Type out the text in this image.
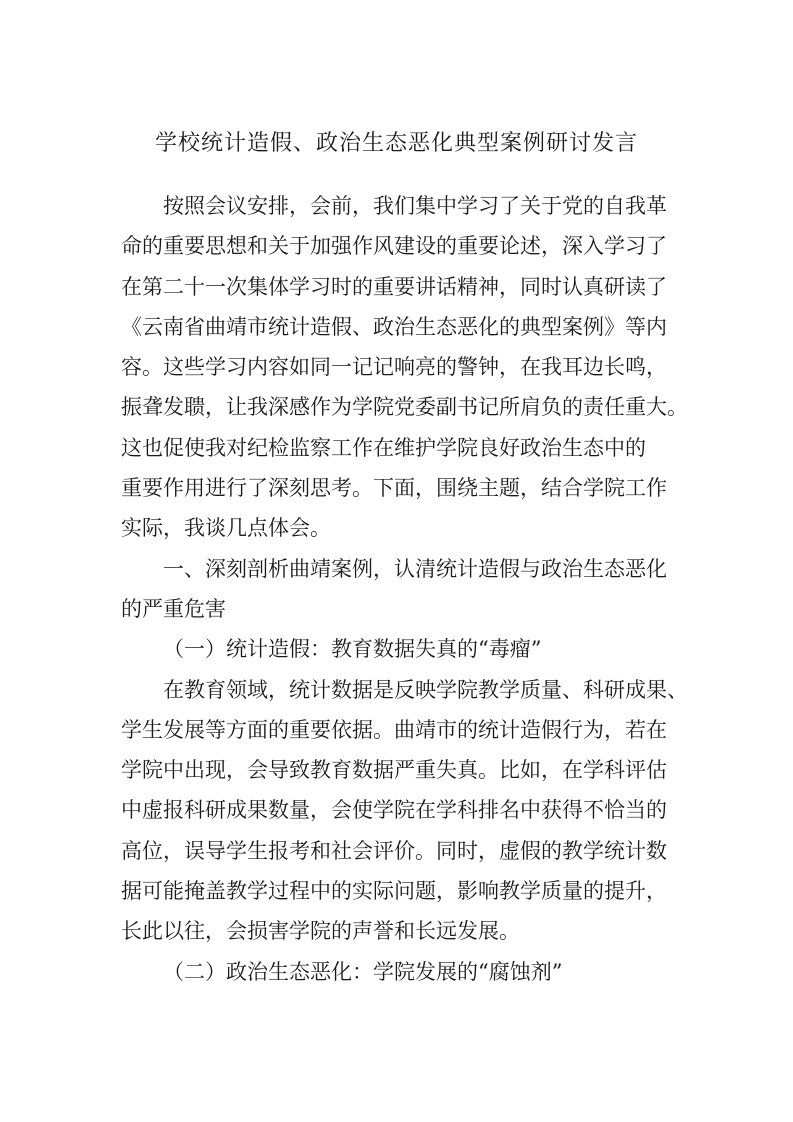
学校统计造假、政治生态恶化典型案例研讨发言
按照会议安排，会前，我们集中学习了关于党的自我革
命的重要思想和关于加强作风建设的重要论述，深入学习了
在第二十一次集体学习时的重要讲话精神，同时认真研读了
《云南省曲靖市统计造假、政治生态恶化的典型案例》等内
容。这些学习内容如同一记记响亮的警钟，在我耳边长鸣，
振聋发聩，让我深感作为学院党委副书记所肩负的责任重大。
这也促使我对纪检监察工作在维护学院良好政治生态中的
重要作用进行了深刻思考。下面，围绕主题，结合学院工作
实际，我谈几点体会。
一、深刻剖析曲靖案例，认清统计造假与政治生态恶化
的严重危害
（一）统计造假：教育数据失真的“毒瘤”
在教育领域，统计数据是反映学院教学质量、科研成果、
学生发展等方面的重要依据。曲靖市的统计造假行为，若在
学院中出现，会导致教育数据严重失真。比如，在学科评估
中虚报科研成果数量，会使学院在学科排名中获得不恰当的
高位，误导学生报考和社会评价。同时，虚假的教学统计数
据可能掩盖教学过程中的实际问题，影响教学质量的提升，
长此以往，会损害学院的声誉和长远发展。
（二）政治生态恶化：学院发展的“腐蚀剂”
